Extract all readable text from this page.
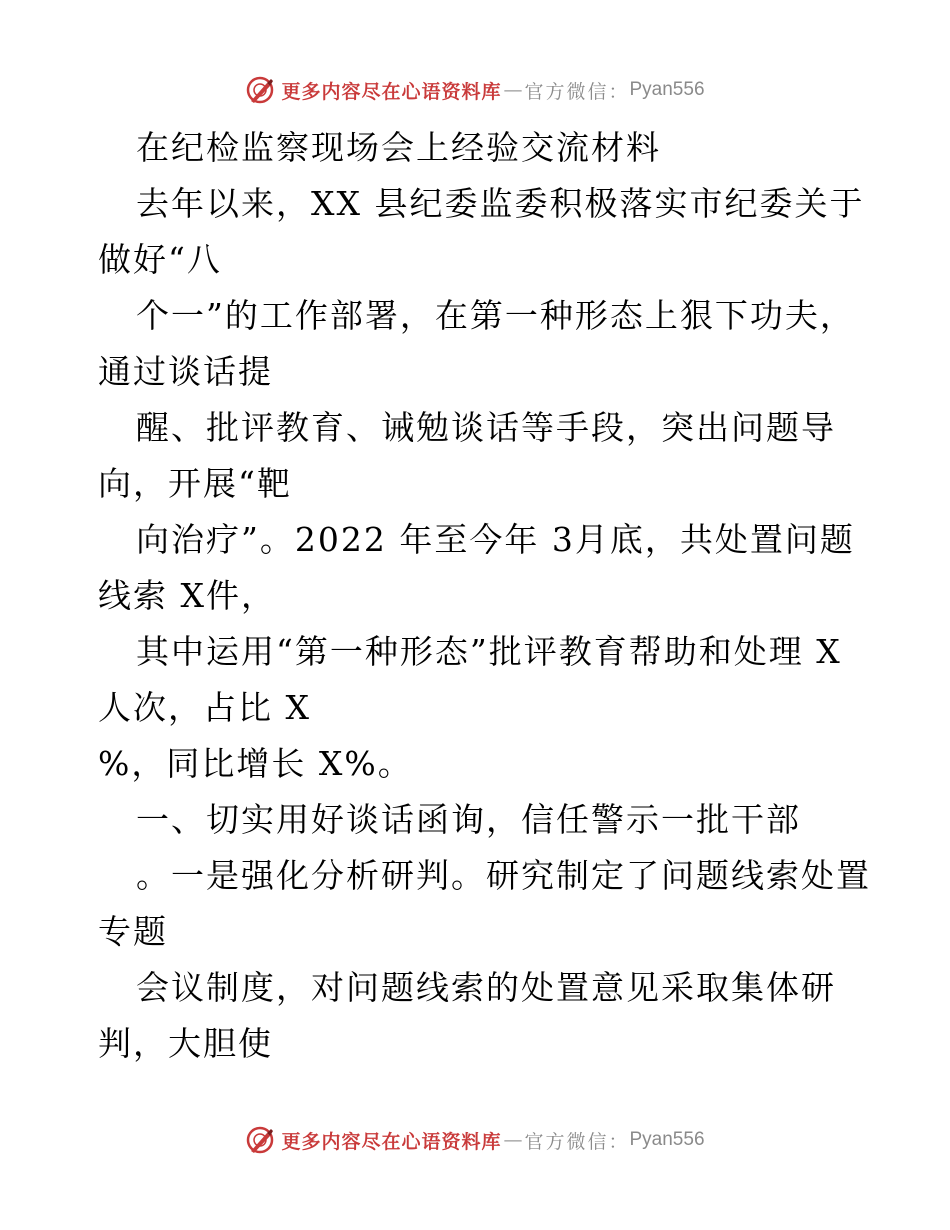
更多内容尽在心语资料库 — 官方微信： Pyan556
在纪检监察现场会上经验交流材料
去年以来，XX 县纪委监委积极落实市纪委关于
做好“八
个一”的工作部署，在第一种形态上狠下功夫，
通过谈话提
醒、批评教育、诫勉谈话等手段，突出问题导
向，开展“靶
向治疗”。2022 年至今年 3月底，共处置问题
线索 X件，
其中运用“第一种形态”批评教育帮助和处理 X
人次，占比 X
%，同比增长 X%。
一、切实用好谈话函询，信任警示一批干部
。一是强化分析研判。研究制定了问题线索处置
专题
会议制度，对问题线索的处置意见采取集体研
判，大胆使
更多内容尽在心语资料库 — 官方微信： Pyan556
